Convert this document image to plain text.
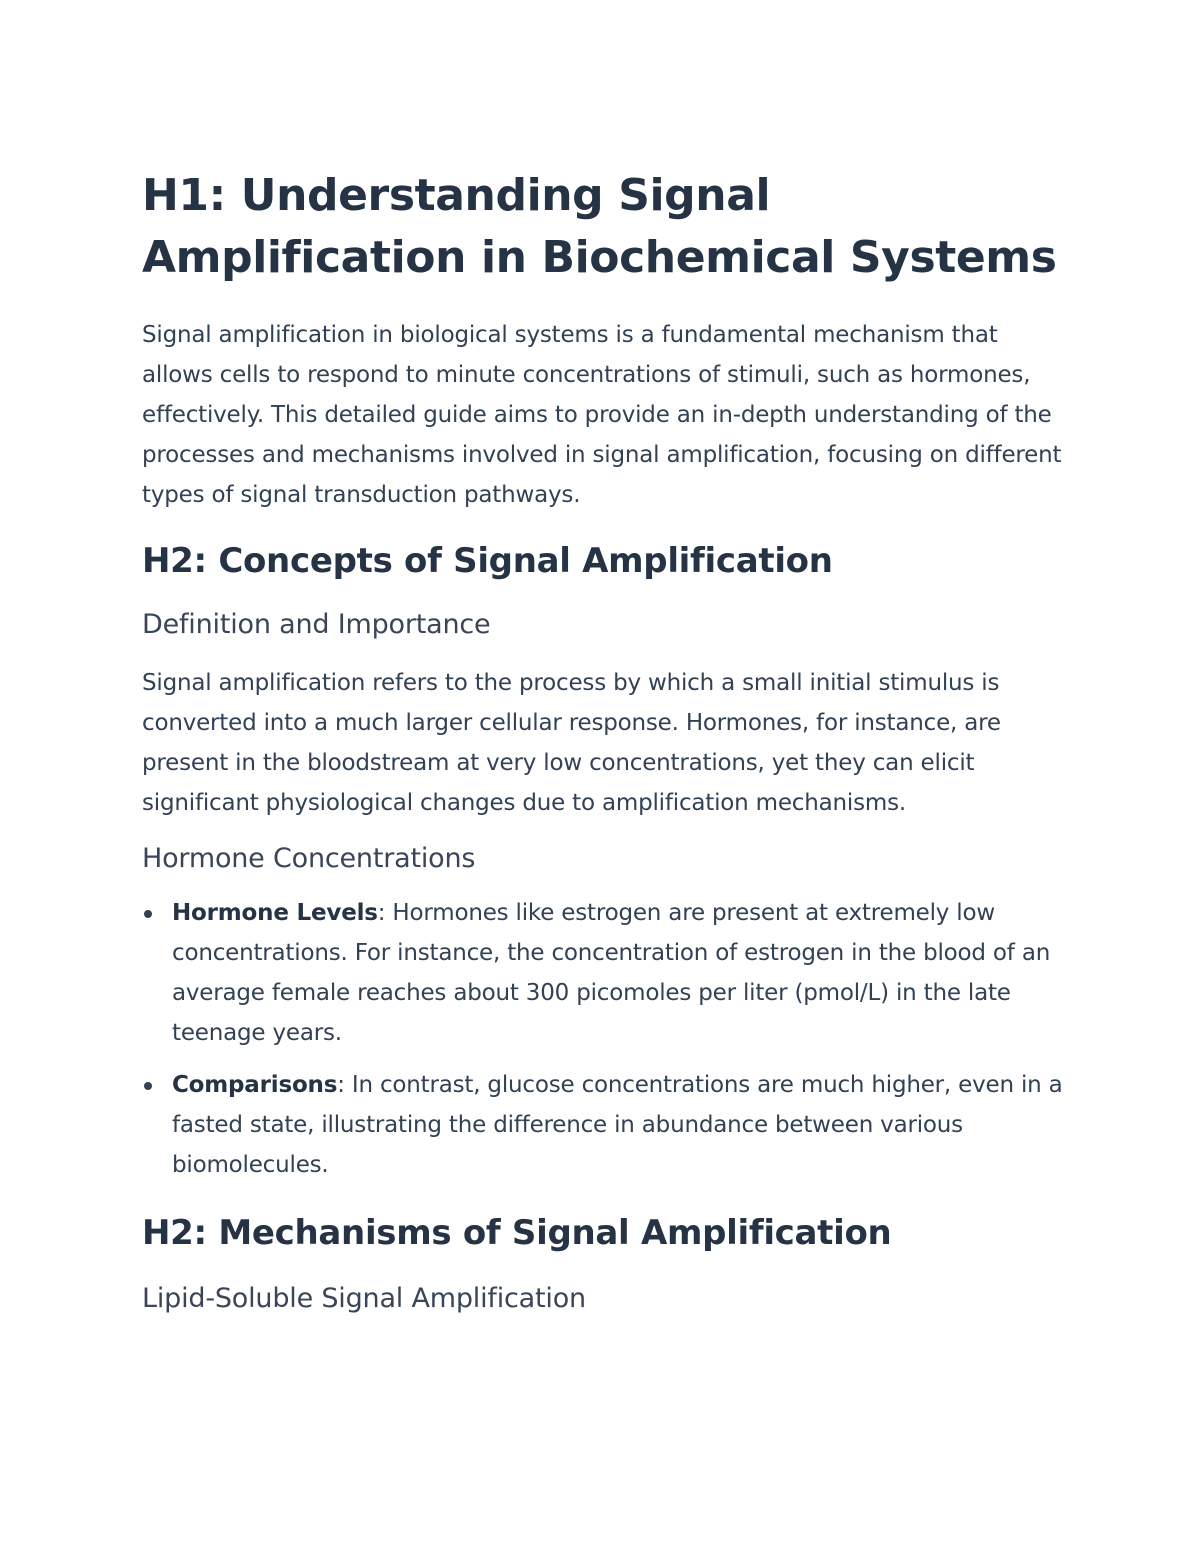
H1: Understanding Signal Amplification in Biochemical Systems

Signal amplification in biological systems is a fundamental mechanism that allows cells to respond to minute concentrations of stimuli, such as hormones, effectively. This detailed guide aims to provide an in-depth understanding of the processes and mechanisms involved in signal amplification, focusing on different types of signal transduction pathways.

H2: Concepts of Signal Amplification
Definition and Importance

Signal amplification refers to the process by which a small initial stimulus is converted into a much larger cellular response. Hormones, for instance, are present in the bloodstream at very low concentrations, yet they can elicit significant physiological changes due to amplification mechanisms.

Hormone Concentrations
Hormone Levels: Hormones like estrogen are present at extremely low concentrations. For instance, the concentration of estrogen in the blood of an average female reaches about 300 picomoles per liter (pmol/L) in the late teenage years.
Comparisons: In contrast, glucose concentrations are much higher, even in a fasted state, illustrating the difference in abundance between various biomolecules.
H2: Mechanisms of Signal Amplification
Lipid-Soluble Signal Amplification
